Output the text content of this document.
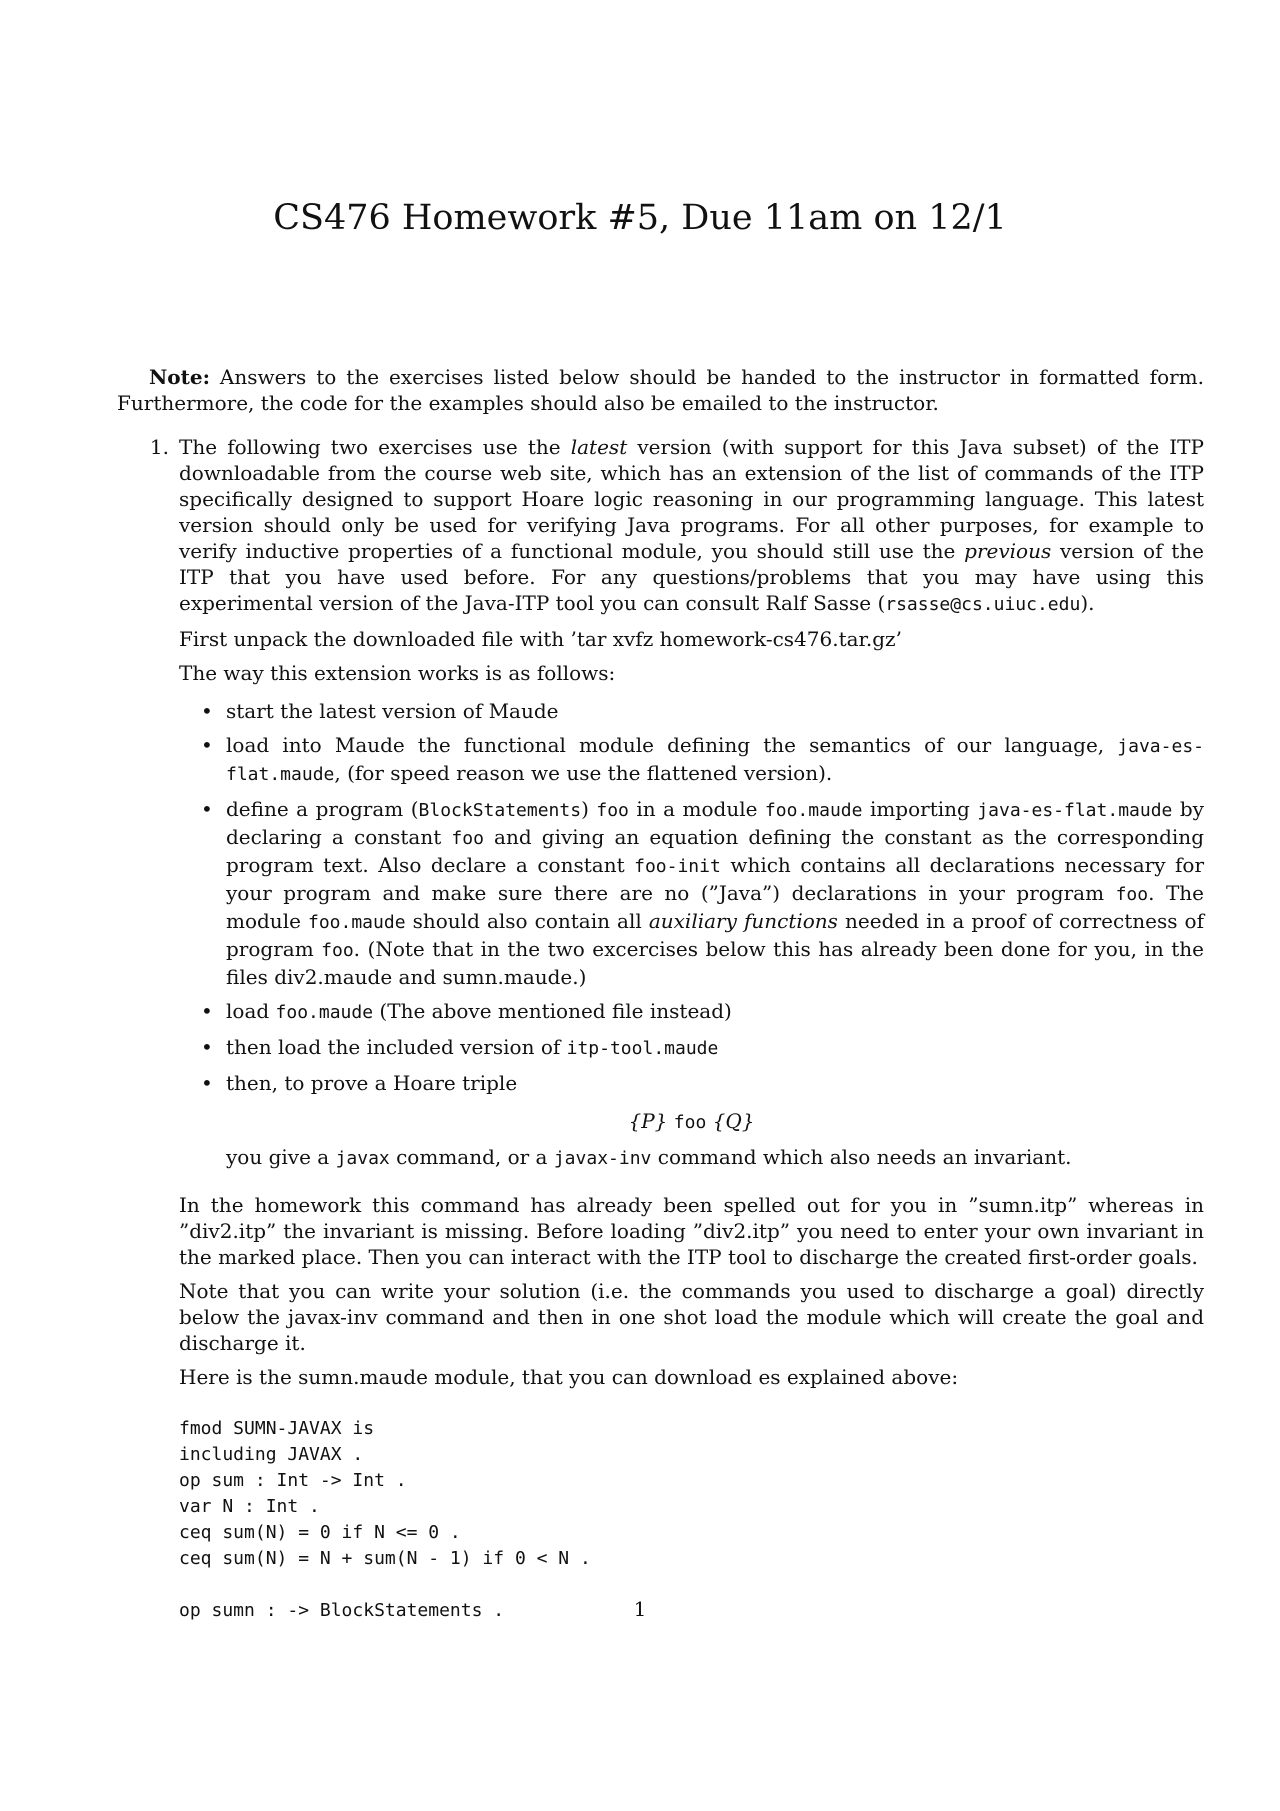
CS476 Homework #5, Due 11am on 12/1

Note: Answers to the exercises listed below should be handed to the instructor in formatted form. Furthermore, the code for the examples should also be emailed to the instructor.

1. The following two exercises use the latest version (with support for this Java subset) of the ITP downloadable from the course web site, which has an extension of the list of commands of the ITP specifically designed to support Hoare logic reasoning in our programming language. This latest version should only be used for verifying Java programs. For all other purposes, for example to verify inductive properties of a functional module, you should still use the previous version of the ITP that you have used before. For any questions/problems that you may have using this experimental version of the Java-ITP tool you can consult Ralf Sasse (rsasse@cs.uiuc.edu).

First unpack the downloaded file with ’tar xvfz homework-cs476.tar.gz’

The way this extension works is as follows:

• start the latest version of Maude
• load into Maude the functional module defining the semantics of our language, java-es-flat.maude, (for speed reason we use the flattened version).
• define a program (BlockStatements) foo in a module foo.maude importing java-es-flat.maude by declaring a constant foo and giving an equation defining the constant as the corresponding program text. Also declare a constant foo-init which contains all declarations necessary for your program and make sure there are no (”Java”) declarations in your program foo. The module foo.maude should also contain all auxiliary functions needed in a proof of correctness of program foo. (Note that in the two excercises below this has already been done for you, in the files div2.maude and sumn.maude.)
• load foo.maude (The above mentioned file instead)
• then load the included version of itp-tool.maude
• then, to prove a Hoare triple
{P} foo {Q}

you give a javax command, or a javax-inv command which also needs an invariant.

In the homework this command has already been spelled out for you in ”sumn.itp” whereas in ”div2.itp” the invariant is missing. Before loading ”div2.itp” you need to enter your own invariant in the marked place. Then you can interact with the ITP tool to discharge the created first-order goals.

Note that you can write your solution (i.e. the commands you used to discharge a goal) directly below the javax-inv command and then in one shot load the module which will create the goal and discharge it.

Here is the sumn.maude module, that you can download es explained above:

fmod SUMN-JAVAX is
including JAVAX .
op sum : Int -> Int .
var N : Int .
ceq sum(N) = 0 if N <= 0 .
ceq sum(N) = N + sum(N - 1) if 0 < N .

op sumn : -> BlockStatements .	1
